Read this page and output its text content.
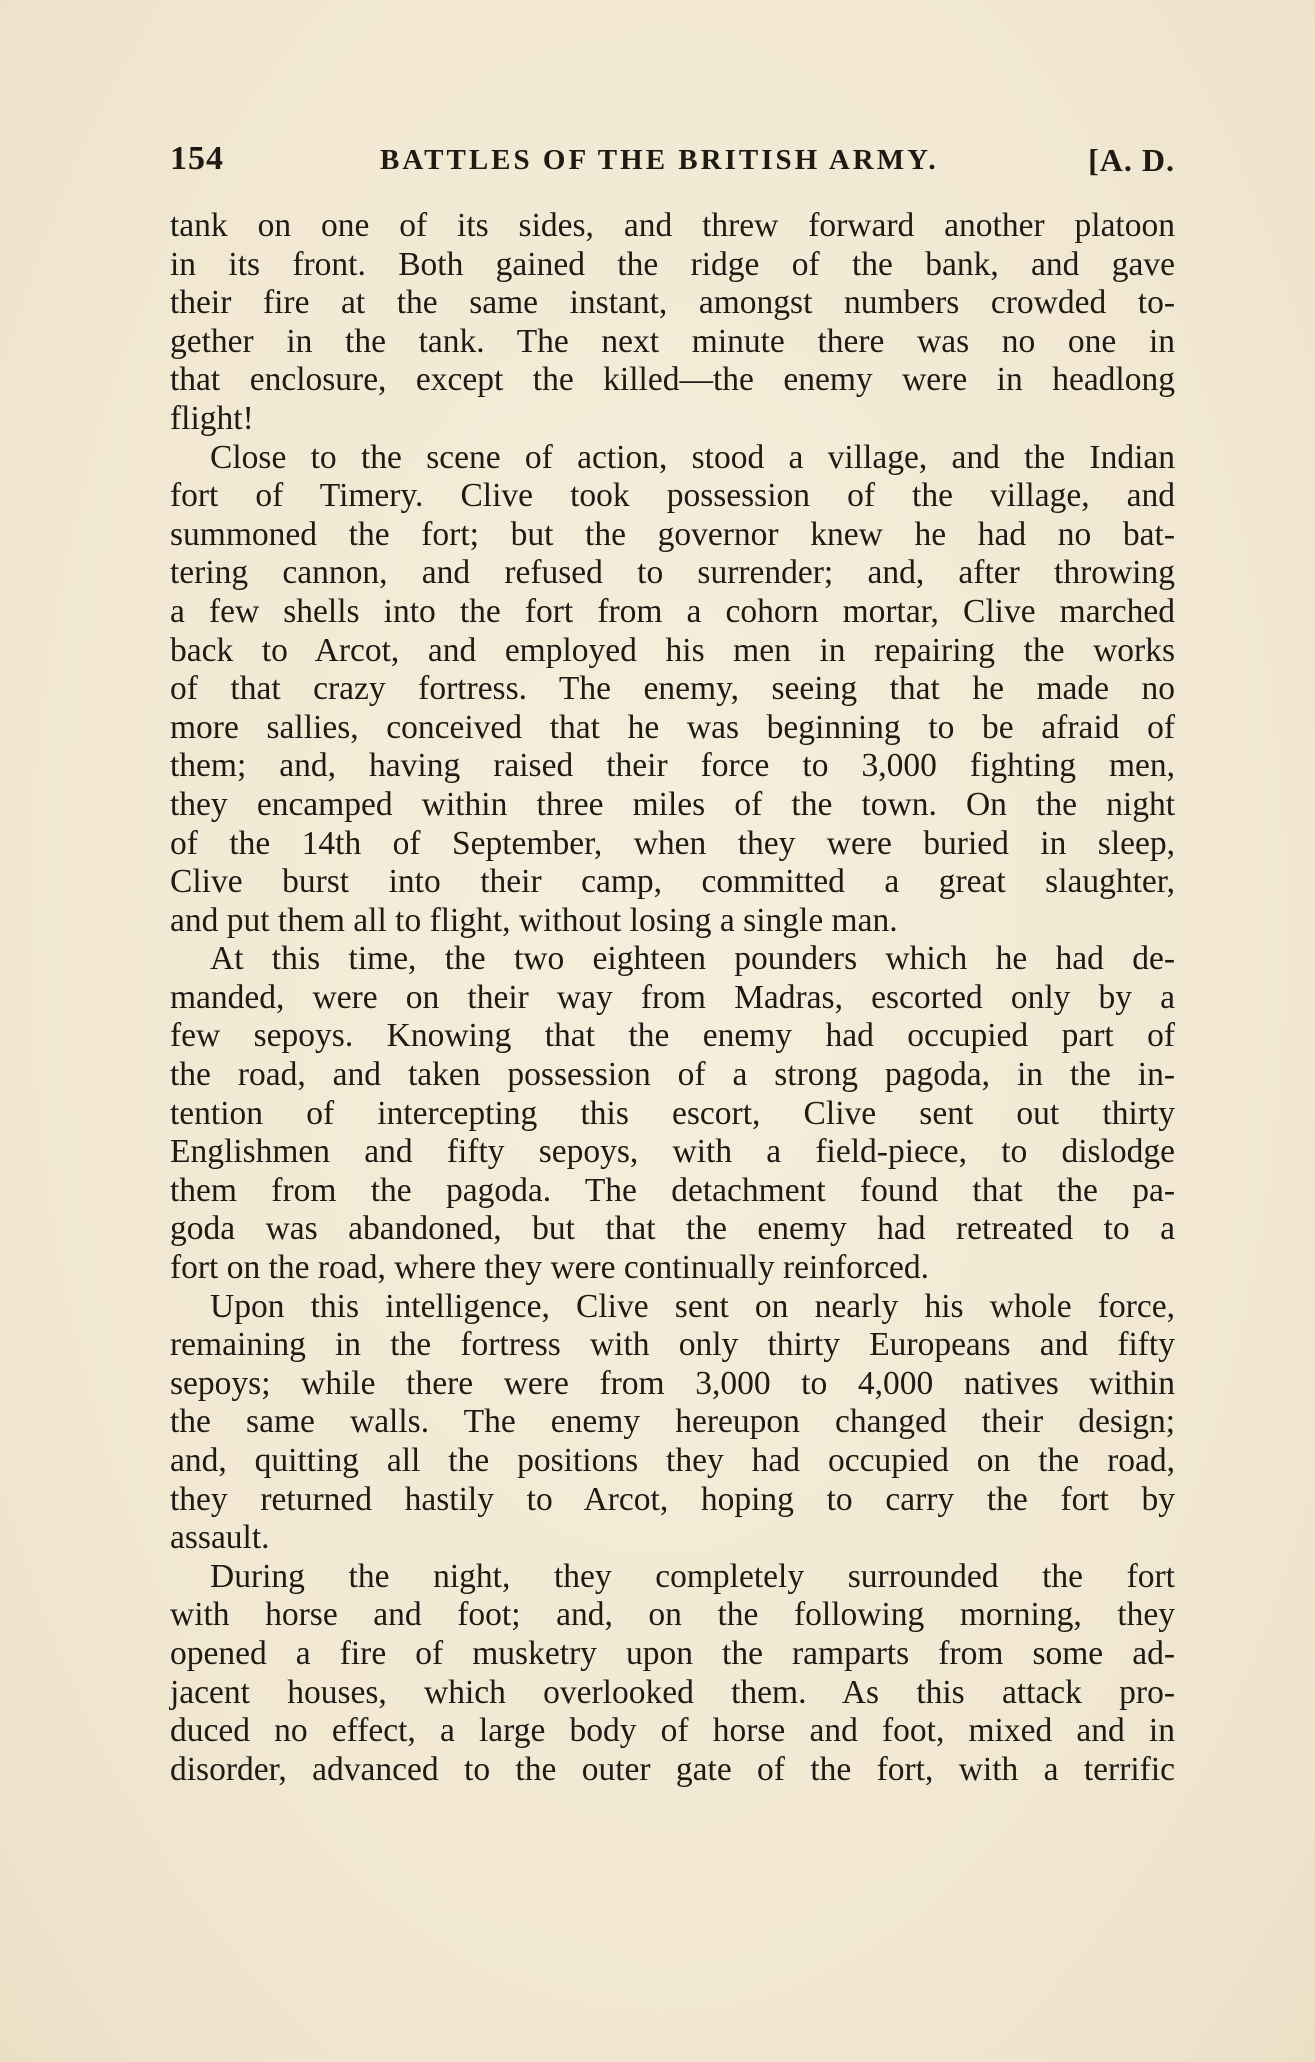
154	BATTLES OF THE BRITISH ARMY.	[A. D.
tank on one of its sides, and threw forward another platoon
in its front. Both gained the ridge of the bank, and gave
their fire at the same instant, amongst numbers crowded to-
gether in the tank. The next minute there was no one in
that enclosure, except the killed—the enemy were in headlong
flight!
Close to the scene of action, stood a village, and the Indian
fort of Timery. Clive took possession of the village, and
summoned the fort; but the governor knew he had no bat-
tering cannon, and refused to surrender; and, after throwing
a few shells into the fort from a cohorn mortar, Clive marched
back to Arcot, and employed his men in repairing the works
of that crazy fortress. The enemy, seeing that he made no
more sallies, conceived that he was beginning to be afraid of
them; and, having raised their force to 3,000 fighting men,
they encamped within three miles of the town. On the night
of the 14th of September, when they were buried in sleep,
Clive burst into their camp, committed a great slaughter,
and put them all to flight, without losing a single man.
At this time, the two eighteen pounders which he had de-
manded, were on their way from Madras, escorted only by a
few sepoys. Knowing that the enemy had occupied part of
the road, and taken possession of a strong pagoda, in the in-
tention of intercepting this escort, Clive sent out thirty
Englishmen and fifty sepoys, with a field-piece, to dislodge
them from the pagoda. The detachment found that the pa-
goda was abandoned, but that the enemy had retreated to a
fort on the road, where they were continually reinforced.
Upon this intelligence, Clive sent on nearly his whole force,
remaining in the fortress with only thirty Europeans and fifty
sepoys; while there were from 3,000 to 4,000 natives within
the same walls. The enemy hereupon changed their design;
and, quitting all the positions they had occupied on the road,
they returned hastily to Arcot, hoping to carry the fort by
assault.
During the night, they completely surrounded the fort
with horse and foot; and, on the following morning, they
opened a fire of musketry upon the ramparts from some ad-
jacent houses, which overlooked them. As this attack pro-
duced no effect, a large body of horse and foot, mixed and in
disorder, advanced to the outer gate of the fort, with a terrific
